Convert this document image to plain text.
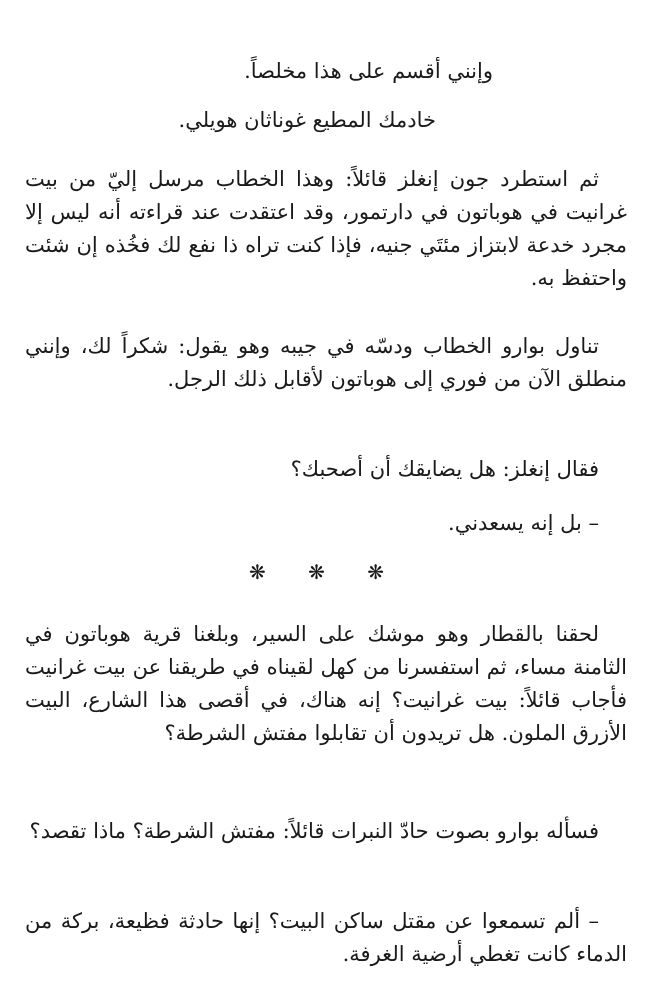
وإنني أقسم على هذا مخلصاً.

خادمك المطيع غوناثان هويلي.

ثم استطرد جون إنغلز قائلاً: وهذا الخطاب مرسل إليّ من بيت غرانيت في هوباتون في دارتمور، وقد اعتقدت عند قراءته أنه ليس إلا مجرد خدعة لابتزاز مئتَي جنيه، فإذا كنت تراه ذا نفع لك فخُذه إن شئت واحتفظ به.

تناول بوارو الخطاب ودسّه في جيبه وهو يقول: شكراً لك، وإنني منطلق الآن من فوري إلى هوباتون لأقابل ذلك الرجل.

فقال إنغلز: هل يضايقك أن أصحبك؟

– بل إنه يسعدني.

❋ ❋ ❋

لحقنا بالقطار وهو موشك على السير، وبلغنا قرية هوباتون في الثامنة مساء، ثم استفسرنا من كهل لقيناه في طريقنا عن بيت غرانيت فأجاب قائلاً: بيت غرانيت؟ إنه هناك، في أقصى هذا الشارع، البيت الأزرق الملون. هل تريدون أن تقابلوا مفتش الشرطة؟

فسأله بوارو بصوت حادّ النبرات قائلاً: مفتش الشرطة؟ ماذا تقصد؟

– ألم تسمعوا عن مقتل ساكن البيت؟ إنها حادثة فظيعة، بركة من الدماء كانت تغطي أرضية الغرفة.
